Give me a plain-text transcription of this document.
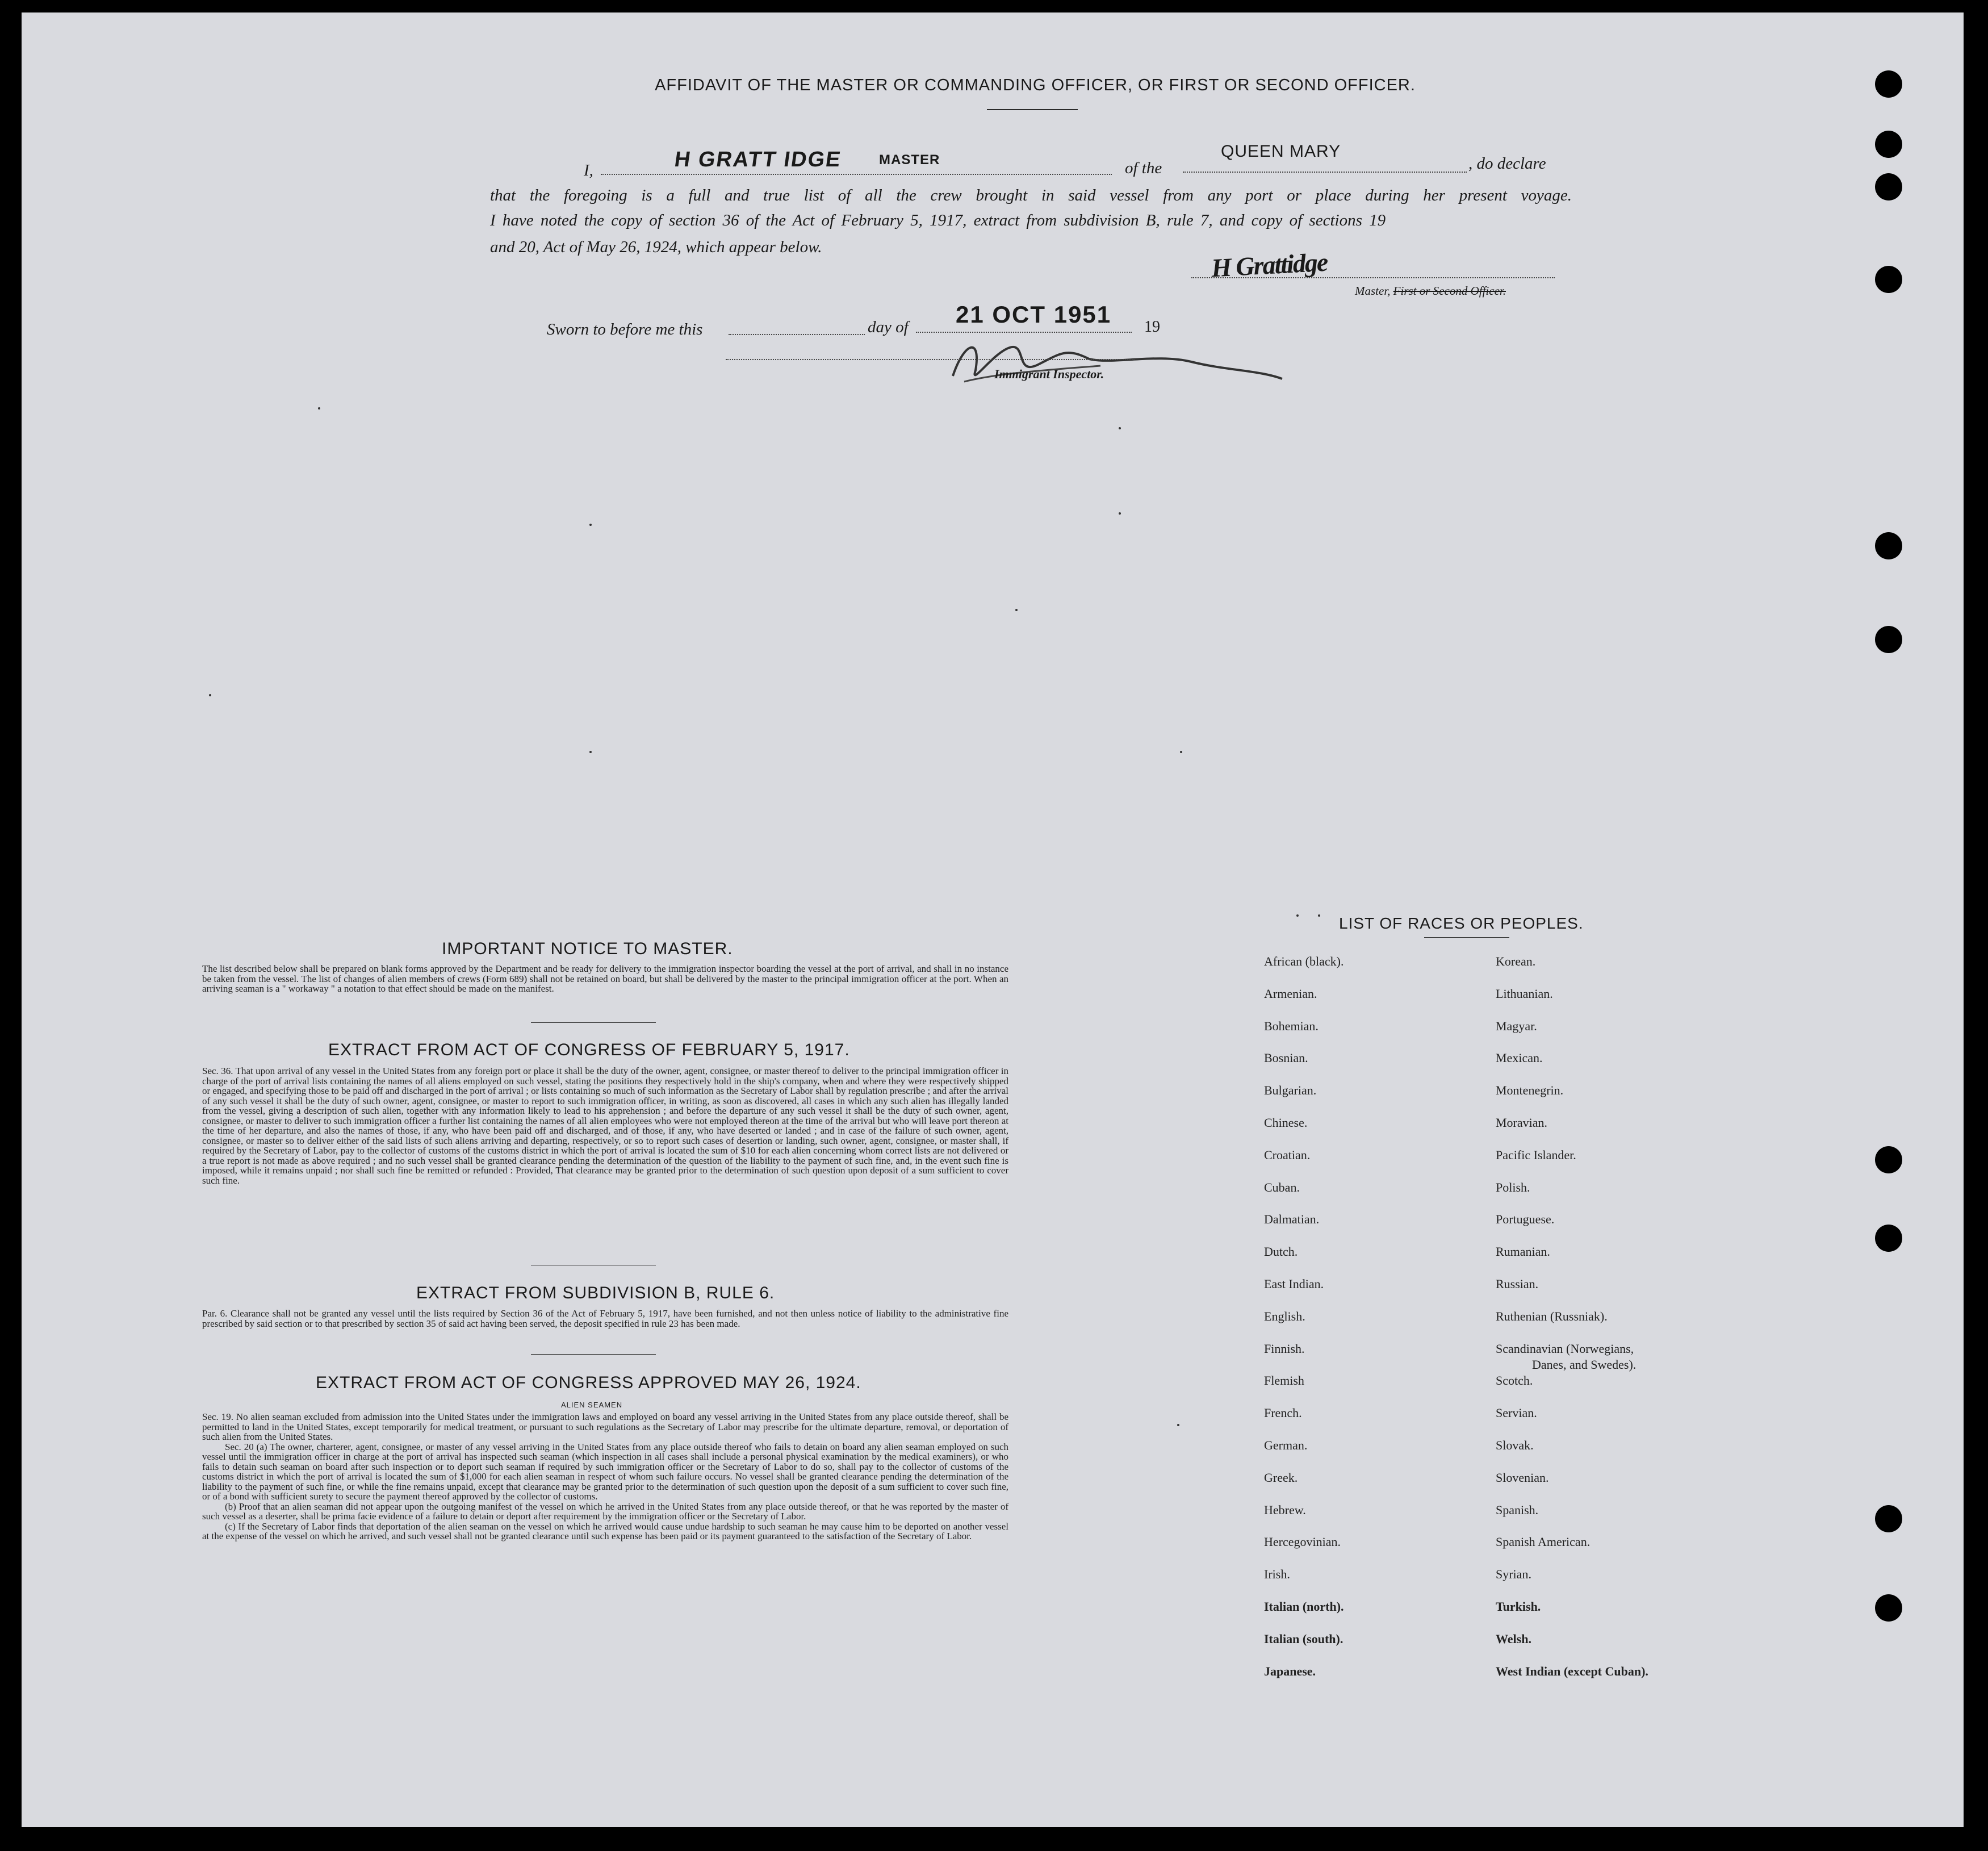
AFFIDAVIT OF THE MASTER OR COMMANDING OFFICER, OR FIRST OR SECOND OFFICER.
I,	H GRATT IDGE	MASTER	of the
QUEEN MARY
, do declare
that the foregoing is a full and true list of all the crew brought in said vessel from any port or place during her present voyage.
I have noted the copy of section 36 of the Act of February 5, 1917, extract from subdivision B, rule 7, and copy of sections 19
and 20, Act of May 26, 1924, which appear below.
H Grattidge
Master, First or Second Officer.
Sworn to before me this	day of 21 OCT 1951 19
Immigrant Inspector.
IMPORTANT NOTICE TO MASTER.
The list described below shall be prepared on blank forms approved by the Department and be ready for delivery to the immigration inspector boarding the vessel at the port of arrival, and shall in no instance be taken from the vessel. The list of changes of alien members of crews (Form 689) shall not be retained on board, but shall be delivered by the master to the principal immigration officer at the port. When an arriving seaman is a " workaway " a notation to that effect should be made on the manifest.
EXTRACT FROM ACT OF CONGRESS OF FEBRUARY 5, 1917.
Sec. 36. That upon arrival of any vessel in the United States from any foreign port or place it shall be the duty of the owner, agent, consignee, or master thereof to deliver to the principal immigration officer in charge of the port of arrival lists containing the names of all aliens employed on such vessel, stating the positions they respectively hold in the ship's company, when and where they were respectively shipped or engaged, and specifying those to be paid off and discharged in the port of arrival ; or lists containing so much of such information as the Secretary of Labor shall by regulation prescribe ; and after the arrival of any such vessel it shall be the duty of such owner, agent, consignee, or master to report to such immigration officer, in writing, as soon as discovered, all cases in which any such alien has illegally landed from the vessel, giving a description of such alien, together with any information likely to lead to his apprehension ; and before the departure of any such vessel it shall be the duty of such owner, agent, consignee, or master to deliver to such immigration officer a further list containing the names of all alien employees who were not employed thereon at the time of the arrival but who will leave port thereon at the time of her departure, and also the names of those, if any, who have been paid off and discharged, and of those, if any, who have deserted or landed ; and in case of the failure of such owner, agent, consignee, or master so to deliver either of the said lists of such aliens arriving and departing, respectively, or so to report such cases of desertion or landing, such owner, agent, consignee, or master shall, if required by the Secretary of Labor, pay to the collector of customs of the customs district in which the port of arrival is located the sum of $10 for each alien concerning whom correct lists are not delivered or a true report is not made as above required ; and no such vessel shall be granted clearance pending the determination of the question of the liability to the payment of such fine, and, in the event such fine is imposed, while it remains unpaid ; nor shall such fine be remitted or refunded : Provided, That clearance may be granted prior to the determination of such question upon deposit of a sum sufficient to cover such fine.
EXTRACT FROM SUBDIVISION B, RULE 6.
Par. 6. Clearance shall not be granted any vessel until the lists required by Section 36 of the Act of February 5, 1917, have been furnished, and not then unless notice of liability to the administrative fine prescribed by said section or to that prescribed by section 35 of said act having been served, the deposit specified in rule 23 has been made.
EXTRACT FROM ACT OF CONGRESS APPROVED MAY 26, 1924.
ALIEN SEAMEN
Sec. 19. No alien seaman excluded from admission into the United States under the immigration laws and employed on board any vessel arriving in the United States from any place outside thereof, shall be permitted to land in the United States, except temporarily for medical treatment, or pursuant to such regulations as the Secretary of Labor may prescribe for the ultimate departure, removal, or deportation of such alien from the United States.
Sec. 20 (a) The owner, charterer, agent, consignee, or master of any vessel arriving in the United States from any place outside thereof who fails to detain on board any alien seaman employed on such vessel until the immigration officer in charge at the port of arrival has inspected such seaman (which inspection in all cases shall include a personal physical examination by the medical examiners), or who fails to detain such seaman on board after such inspection or to deport such seaman if required by such immigration officer or the Secretary of Labor to do so, shall pay to the collector of customs of the customs district in which the port of arrival is located the sum of $1,000 for each alien seaman in respect of whom such failure occurs. No vessel shall be granted clearance pending the determination of the liability to the payment of such fine, or while the fine remains unpaid, except that clearance may be granted prior to the determination of such question upon the deposit of a sum sufficient to cover such fine, or of a bond with sufficient surety to secure the payment thereof approved by the collector of customs.
(b) Proof that an alien seaman did not appear upon the outgoing manifest of the vessel on which he arrived in the United States from any place outside thereof, or that he was reported by the master of such vessel as a deserter, shall be prima facie evidence of a failure to detain or deport after requirement by the immigration officer or the Secretary of Labor.
(c) If the Secretary of Labor finds that deportation of the alien seaman on the vessel on which he arrived would cause undue hardship to such seaman he may cause him to be deported on another vessel at the expense of the vessel on which he arrived, and such vessel shall not be granted clearance until such expense has been paid or its payment guaranteed to the satisfaction of the Secretary of Labor.
LIST OF RACES OR PEOPLES.
Danes, and Swedes).
African (black).
Armenian.
Bohemian.
Bosnian.
Bulgarian.
Chinese.
Croatian.
Cuban.
Dalmatian.
Dutch.
East Indian.
English.
Finnish.
Flemish
French.
German.
Greek.
Hebrew.
Hercegovinian.
Irish.
Italian (north).
Italian (south).
Japanese.
Korean.
Lithuanian.
Magyar.
Mexican.
Montenegrin.
Moravian.
Pacific Islander.
Polish.
Portuguese.
Rumanian.
Russian.
Ruthenian (Russniak).
Scandinavian (Norwegians,
Scotch.
Servian.
Slovak.
Slovenian.
Spanish.
Spanish American.
Syrian.
Turkish.
Welsh.
West Indian (except Cuban).
